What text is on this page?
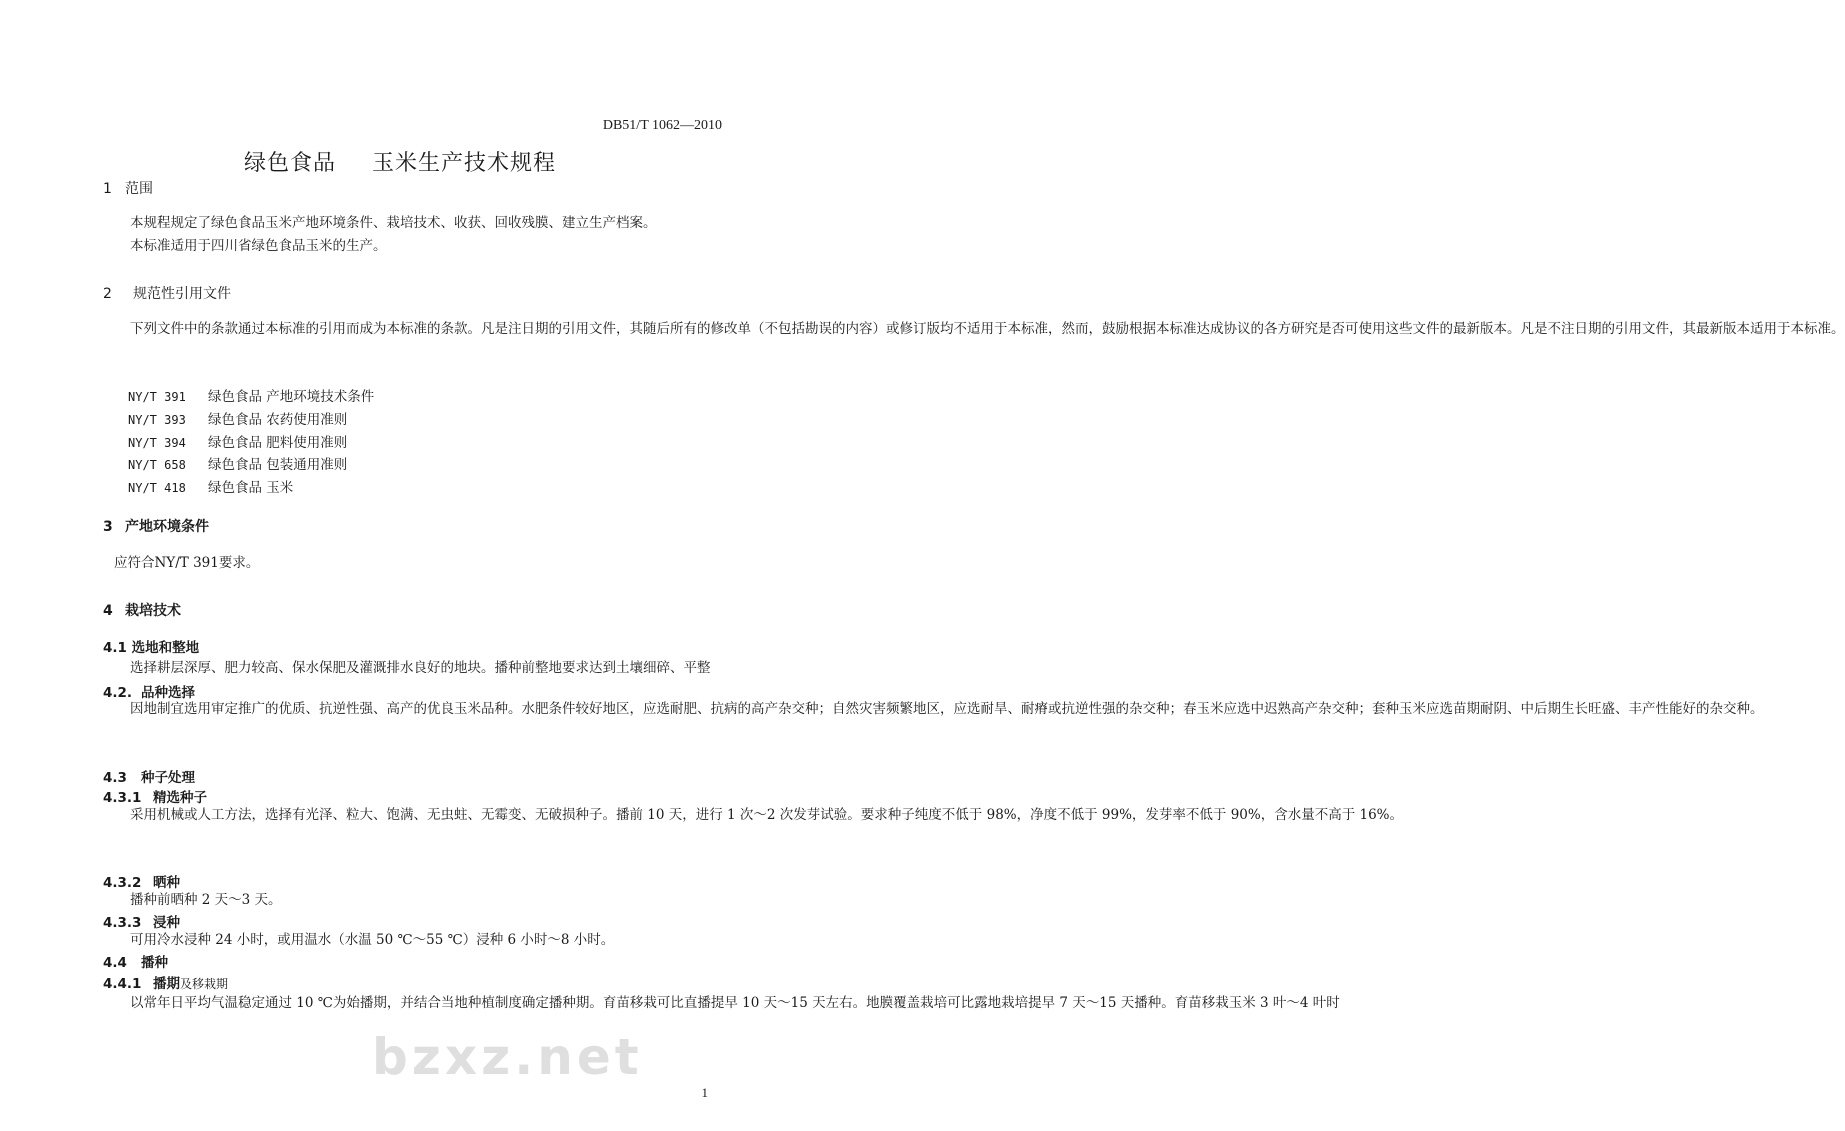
DB51/T 1062—2010
绿色食品 玉米生产技术规程
1 范围
本规程规定了绿色食品玉米产地环境条件、栽培技术、收获、回收残膜、建立生产档案。
本标准适用于四川省绿色食品玉米的生产。
2 规范性引用文件
下列文件中的条款通过本标准的引用而成为本标准的条款。凡是注日期的引用文件，其随后所有的修改单（不包括勘误的内容）或修订版均不适用于本标准，然而，鼓励根据本标准达成协议的各方研究是否可使用这些文件的最新版本。凡是不注日期的引用文件，其最新版本适用于本标准。
NY/T 391 绿色食品 产地环境技术条件
NY/T 393 绿色食品 农药使用准则
NY/T 394 绿色食品 肥料使用准则
NY/T 658 绿色食品 包装通用准则
NY/T 418 绿色食品 玉米
3 产地环境条件
应符合NY/T 391要求。
4 栽培技术
4.1 选地和整地
选择耕层深厚、肥力较高、保水保肥及灌溉排水良好的地块。播种前整地要求达到土壤细碎、平整
4.2. 品种选择
因地制宜选用审定推广的优质、抗逆性强、高产的优良玉米品种。水肥条件较好地区，应选耐肥、抗病的高产杂交种；自然灾害频繁地区，应选耐旱、耐瘠或抗逆性强的杂交种；春玉米应选中迟熟高产杂交种；套种玉米应选苗期耐阴、中后期生长旺盛、丰产性能好的杂交种。
4.3 种子处理
4.3.1 精选种子
采用机械或人工方法，选择有光泽、粒大、饱满、无虫蛀、无霉变、无破损种子。播前 10 天，进行 1 次～2 次发芽试验。要求种子纯度不低于 98%，净度不低于 99%，发芽率不低于 90%，含水量不高于 16%。
4.3.2 晒种
播种前晒种 2 天～3 天。
4.3.3 浸种
可用冷水浸种 24 小时，或用温水（水温 50 ℃～55 ℃）浸种 6 小时～8 小时。
4.4 播种
4.4.1 播期及移栽期
以常年日平均气温稳定通过 10 ℃为始播期，并结合当地种植制度确定播种期。育苗移栽可比直播提早 10 天～15 天左右。地膜覆盖栽培可比露地栽培提早 7 天～15 天播种。育苗移栽玉米 3 叶～4 叶时
bzxz.net
1
